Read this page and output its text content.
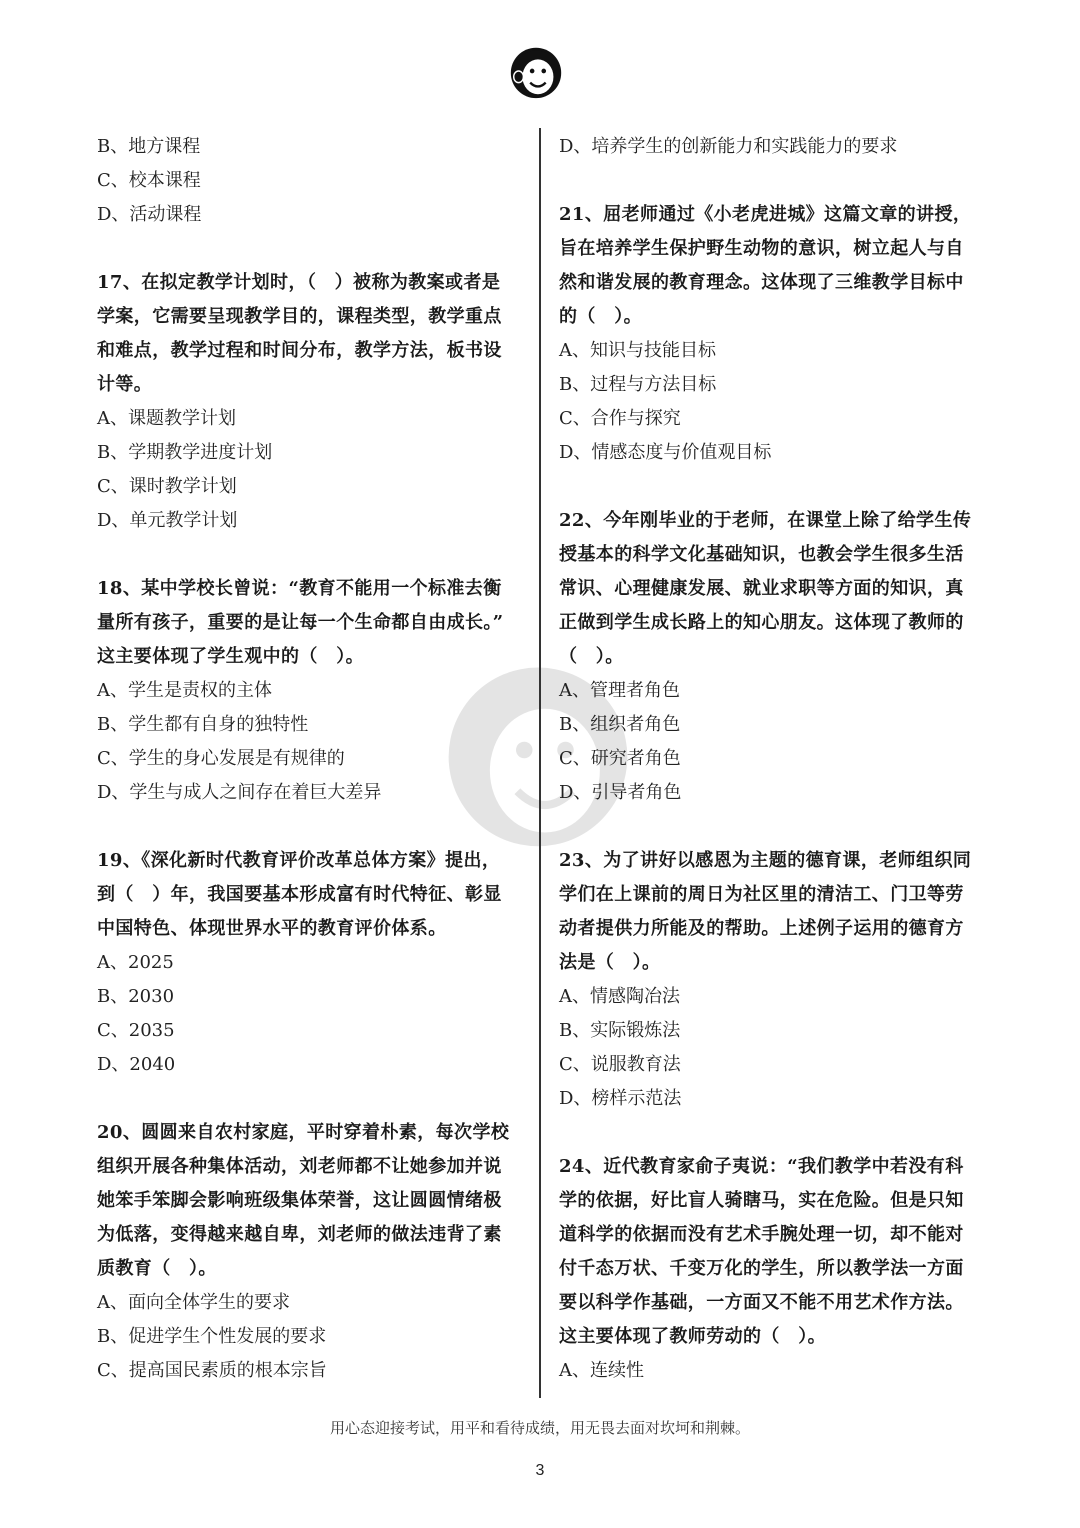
B、地方课程
C、校本课程
D、活动课程
17、在拟定教学计划时，（　）被称为教案或者是
学案，它需要呈现教学目的，课程类型，教学重点
和难点，教学过程和时间分布，教学方法，板书设
计等。
A、课题教学计划
B、学期教学进度计划
C、课时教学计划
D、单元教学计划
18、某中学校长曾说：“教育不能用一个标准去衡
量所有孩子，重要的是让每一个生命都自由成长。”
这主要体现了学生观中的（　）。
A、学生是责权的主体
B、学生都有自身的独特性
C、学生的身心发展是有规律的
D、学生与成人之间存在着巨大差异
19、《深化新时代教育评价改革总体方案》提出，
到（　）年，我国要基本形成富有时代特征、彰显
中国特色、体现世界水平的教育评价体系。
A、2025
B、2030
C、2035
D、2040
20、圆圆来自农村家庭，平时穿着朴素，每次学校
组织开展各种集体活动，刘老师都不让她参加并说
她笨手笨脚会影响班级集体荣誉，这让圆圆情绪极
为低落，变得越来越自卑，刘老师的做法违背了素
质教育（　）。
A、面向全体学生的要求
B、促进学生个性发展的要求
C、提高国民素质的根本宗旨
D、培养学生的创新能力和实践能力的要求
21、屈老师通过《小老虎进城》这篇文章的讲授，
旨在培养学生保护野生动物的意识，树立起人与自
然和谐发展的教育理念。这体现了三维教学目标中
的（　）。
A、知识与技能目标
B、过程与方法目标
C、合作与探究
D、情感态度与价值观目标
22、今年刚毕业的于老师，在课堂上除了给学生传
授基本的科学文化基础知识，也教会学生很多生活
常识、心理健康发展、就业求职等方面的知识，真
正做到学生成长路上的知心朋友。这体现了教师的
（　）。
A、管理者角色
B、组织者角色
C、研究者角色
D、引导者角色
23、为了讲好以感恩为主题的德育课，老师组织同
学们在上课前的周日为社区里的清洁工、门卫等劳
动者提供力所能及的帮助。上述例子运用的德育方
法是（　）。
A、情感陶冶法
B、实际锻炼法
C、说服教育法
D、榜样示范法
24、近代教育家俞子夷说：“我们教学中若没有科
学的依据，好比盲人骑瞎马，实在危险。但是只知
道科学的依据而没有艺术手腕处理一切，却不能对
付千态万状、千变万化的学生，所以教学法一方面
要以科学作基础，一方面又不能不用艺术作方法。
这主要体现了教师劳动的（　）。
A、连续性
用心态迎接考试，用平和看待成绩，用无畏去面对坎坷和荆棘。
3
